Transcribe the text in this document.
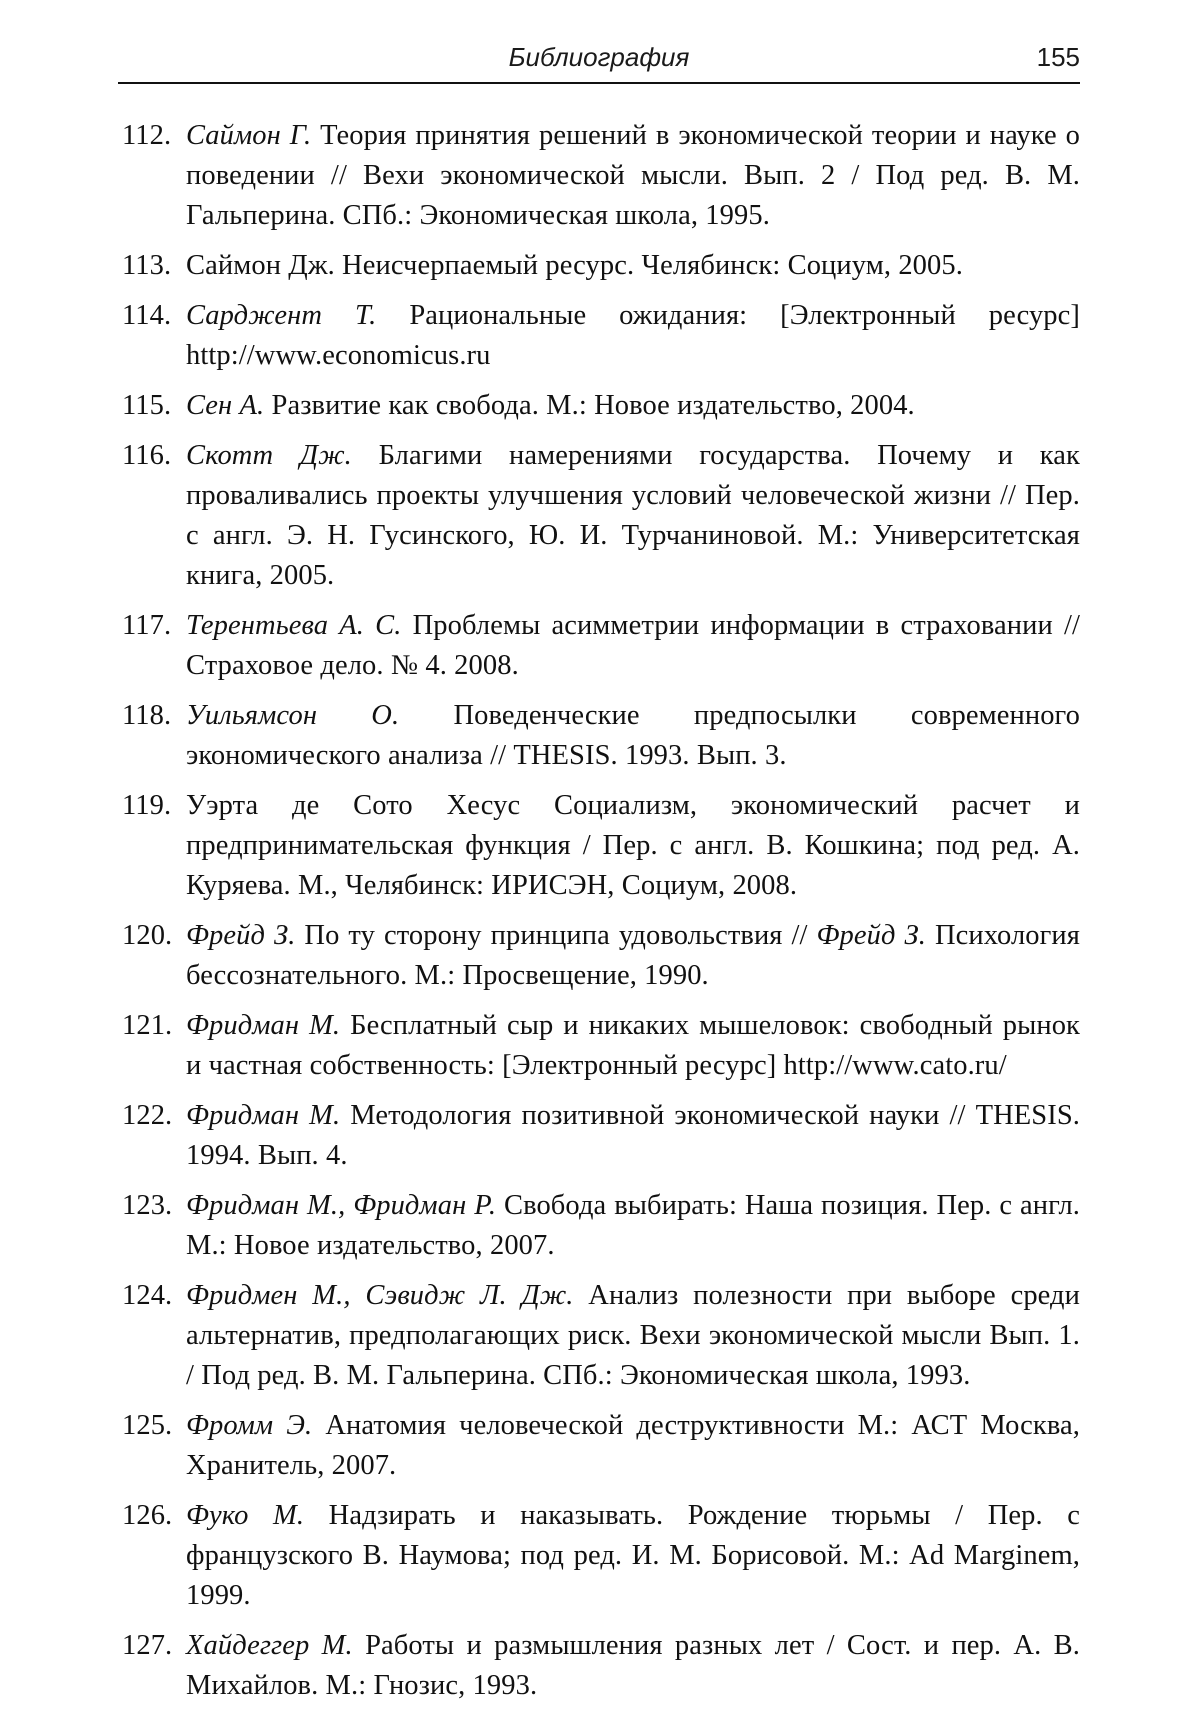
Библиография	155
112. Саймон Г. Теория принятия решений в экономической теории и науке о поведении // Вехи экономической мысли. Вып. 2 / Под ред. В. М. Гальперина. СПб.: Экономическая школа, 1995.
113. Саймон Дж. Неисчерпаемый ресурс. Челябинск: Социум, 2005.
114. Сарджент Т. Рациональные ожидания: [Электронный ресурс] http://www.economicus.ru
115. Сен А. Развитие как свобода. М.: Новое издательство, 2004.
116. Скотт Дж. Благими намерениями государства. Почему и как проваливались проекты улучшения условий человеческой жизни // Пер. с англ. Э. Н. Гусинского, Ю. И. Турчаниновой. М.: Университетская книга, 2005.
117. Терентьева А. С. Проблемы асимметрии информации в страховании // Страховое дело. № 4. 2008.
118. Уильямсон О. Поведенческие предпосылки современного экономического анализа // THESIS. 1993. Вып. 3.
119. Уэрта де Сото Хесус Социализм, экономический расчет и предпринимательская функция / Пер. с англ. В. Кошкина; под ред. А. Куряева. М., Челябинск: ИРИСЭН, Социум, 2008.
120. Фрейд З. По ту сторону принципа удовольствия // Фрейд З. Психология бессознательного. М.: Просвещение, 1990.
121. Фридман М. Бесплатный сыр и никаких мышеловок: свободный рынок и частная собственность: [Электронный ресурс] http://www.cato.ru/
122. Фридман М. Методология позитивной экономической науки // THESIS. 1994. Вып. 4.
123. Фридман М., Фридман Р. Свобода выбирать: Наша позиция. Пер. с англ. М.: Новое издательство, 2007.
124. Фридмен М., Сэвидж Л. Дж. Анализ полезности при выборе среди альтернатив, предполагающих риск. Вехи экономической мысли Вып. 1. / Под ред. В. М. Гальперина. СПб.: Экономическая школа, 1993.
125. Фромм Э. Анатомия человеческой деструктивности М.: АСТ Москва, Хранитель, 2007.
126. Фуко М. Надзирать и наказывать. Рождение тюрьмы / Пер. с французского В. Наумова; под ред. И. М. Борисовой. М.: Ad Marginem, 1999.
127. Хайдеггер М. Работы и размышления разных лет / Сост. и пер. А. В. Михайлов. М.: Гнозис, 1993.
